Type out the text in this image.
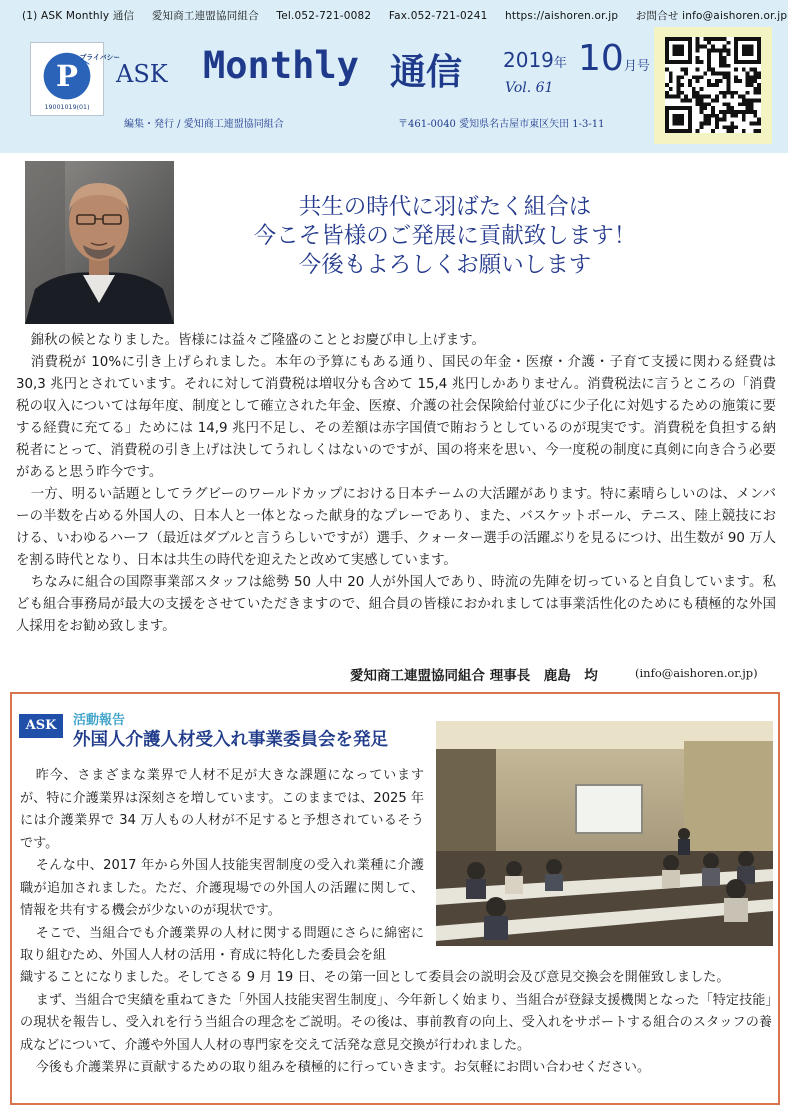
(1) ASK Monthly 通信 愛知商工連盟協同組合 Tel.052-721-0082 Fax.052-721-0241 https://aishoren.or.jp お問合せ info@aishoren.or.jp
P
プライバシー
19001019(01)
ASK Monthly 通信 2019年 10月号
Vol. 61
編集・発行 / 愛知商工連盟協同組合	〒461-0040 愛知県名古屋市東区矢田 1-3-11
共生の時代に羽ばたく組合は
今こそ皆様のご発展に貢献致します！
今後もよろしくお願いします

錦秋の候となりました。皆様には益々ご隆盛のこととお慶び申し上げます。

消費税が 10%に引き上げられました。本年の予算にもある通り、国民の年金・医療・介護・子育て支援に関わる経費は 30,3 兆円とされています。それに対して消費税は増収分も含めて 15,4 兆円しかありません。消費税法に言うところの「消費税の収入については毎年度、制度として確立された年金、医療、介護の社会保険給付並びに少子化に対処するための施策に要する経費に充てる」ためには 14,9 兆円不足し、その差額は赤字国債で賄おうとしているのが現実です。消費税を負担する納税者にとって、消費税の引き上げは決してうれしくはないのですが、国の将来を思い、今一度税の制度に真剣に向き合う必要があると思う昨今です。

一方、明るい話題としてラグビーのワールドカップにおける日本チームの大活躍があります。特に素晴らしいのは、メンバーの半数を占める外国人の、日本人と一体となった献身的なプレーであり、また、バスケットボール、テニス、陸上競技における、いわゆるハーフ（最近はダブルと言うらしいですが）選手、クォーター選手の活躍ぶりを見るにつけ、出生数が 90 万人を割る時代となり、日本は共生の時代を迎えたと改めて実感しています。

ちなみに組合の国際事業部スタッフは総勢 50 人中 20 人が外国人であり、時流の先陣を切っていると自負しています。私ども組合事務局が最大の支援をさせていただきますので、組合員の皆様におかれましては事業活性化のためにも積極的な外国人採用をお勧め致します。

愛知商工連盟協同組合 理事長　鹿島　均	(info@aishoren.or.jp)
ASK	活動報告
外国人介護人材受入れ事業委員会を発足

昨今、さまざまな業界で人材不足が大きな課題になっていますが、特に介護業界は深刻さを増しています。このままでは、2025 年には介護業界で 34 万人もの人材が不足すると予想されているそうです。

そんな中、2017 年から外国人技能実習制度の受入れ業種に介護職が追加されました。ただ、介護現場での外国人の活躍に関して、情報を共有する機会が少ないのが現状です。

そこで、当組合でも介護業界の人材に関する問題にさらに綿密に取り組むため、外国人人材の活用・育成に特化した委員会を組

織することになりました。そしてさる 9 月 19 日、その第一回として委員会の説明会及び意見交換会を開催致しました。

まず、当組合で実績を重ねてきた「外国人技能実習生制度」、今年新しく始まり、当組合が登録支援機関となった「特定技能」の現状を報告し、受入れを行う当組合の理念をご説明。その後は、事前教育の向上、受入れをサポートする組合のスタッフの養成などについて、介護や外国人人材の専門家を交えて活発な意見交換が行われました。

今後も介護業界に貢献するための取り組みを積極的に行っていきます。お気軽にお問い合わせください。
